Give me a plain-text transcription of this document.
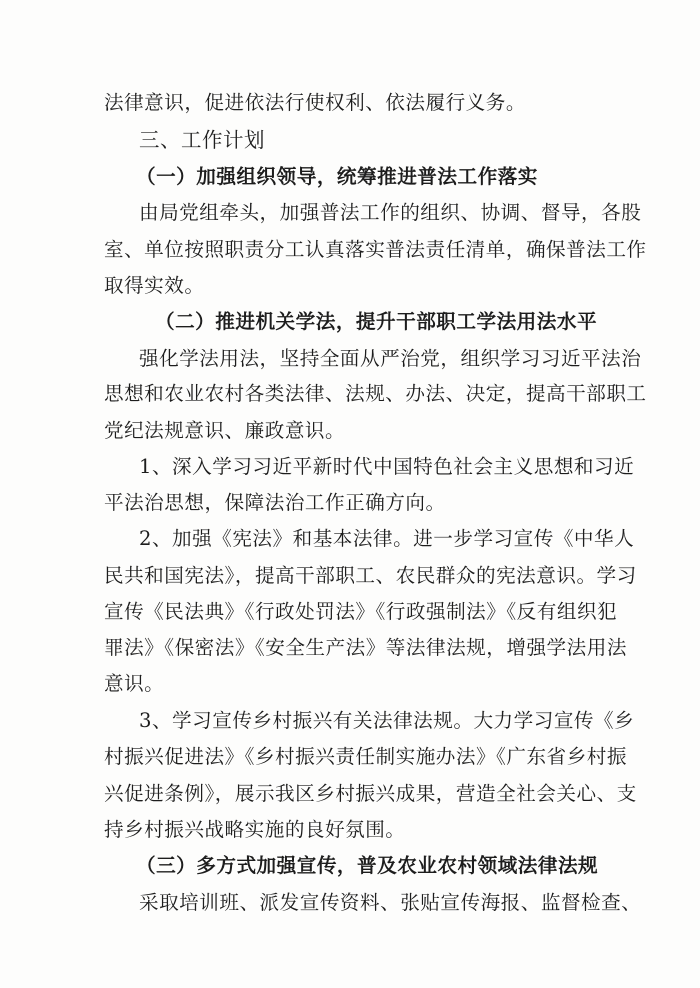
法律意识，促进依法行使权利、依法履行义务。
三、工作计划
（一）加强组织领导，统筹推进普法工作落实
由局党组牵头，加强普法工作的组织、协调、督导，各股
室、单位按照职责分工认真落实普法责任清单，确保普法工作
取得实效。
（二）推进机关学法，提升干部职工学法用法水平
强化学法用法，坚持全面从严治党，组织学习习近平法治
思想和农业农村各类法律、法规、办法、决定，提高干部职工
党纪法规意识、廉政意识。
1、深入学习习近平新时代中国特色社会主义思想和习近
平法治思想，保障法治工作正确方向。
2、加强《宪法》和基本法律。进一步学习宣传《中华人
民共和国宪法》，提高干部职工、农民群众的宪法意识。学习
宣传《民法典》《行政处罚法》《行政强制法》《反有组织犯
罪法》《保密法》《安全生产法》等法律法规，增强学法用法
意识。
3、学习宣传乡村振兴有关法律法规。大力学习宣传《乡
村振兴促进法》《乡村振兴责任制实施办法》《广东省乡村振
兴促进条例》，展示我区乡村振兴成果，营造全社会关心、支
持乡村振兴战略实施的良好氛围。
（三）多方式加强宣传，普及农业农村领域法律法规
采取培训班、派发宣传资料、张贴宣传海报、监督检查、
